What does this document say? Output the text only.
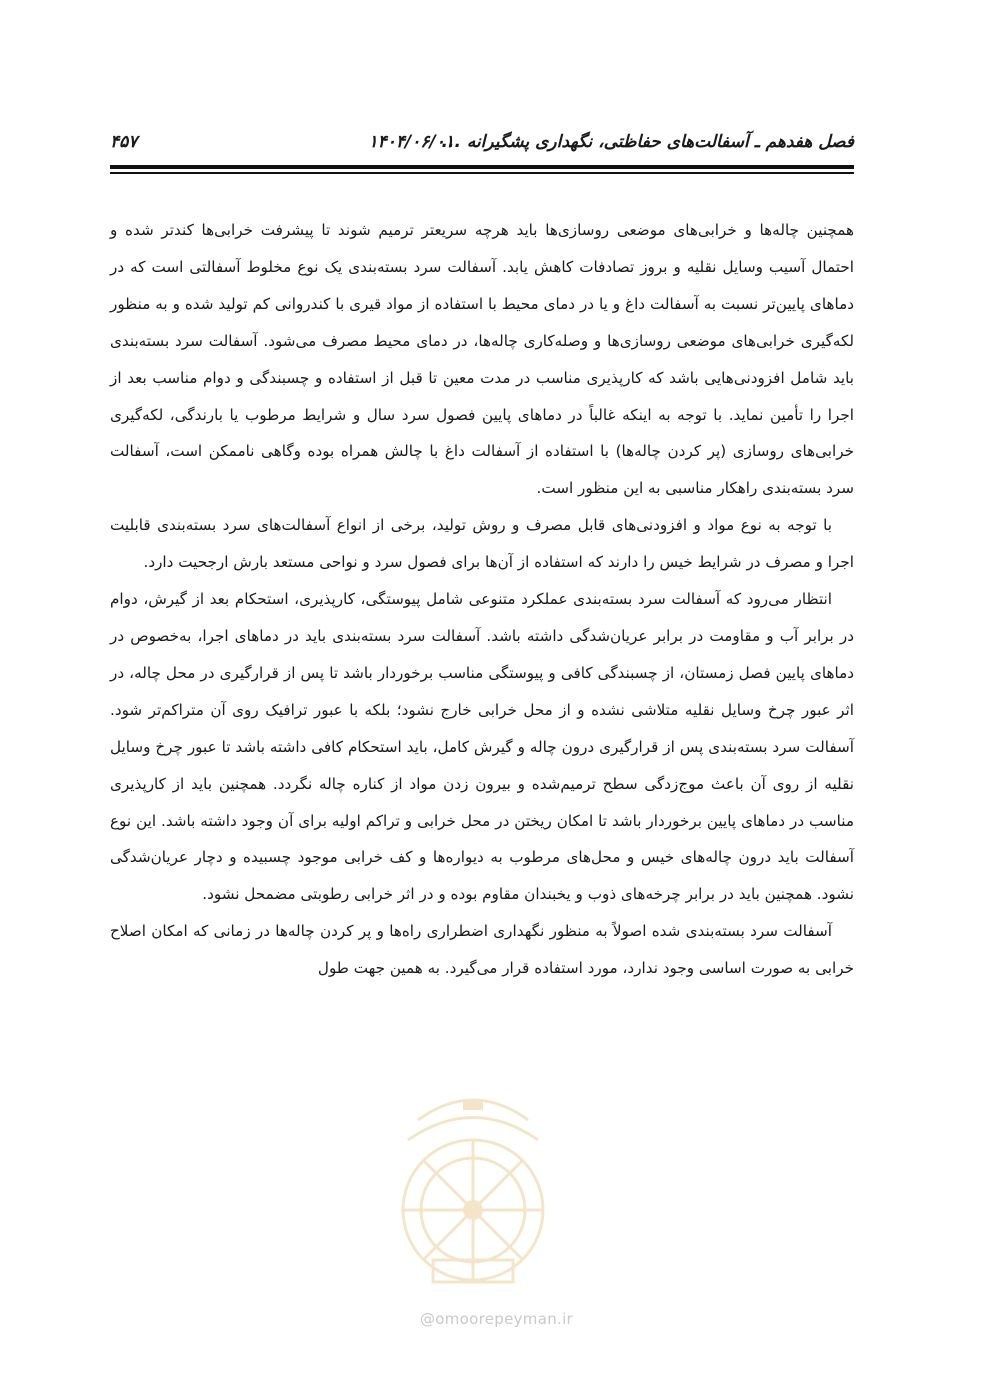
فصل هفدهم ـ آسفالت‌های حفاظتی، نگهداری پشگیرانه ...
۱۴۰۴/۰۶/۰۱
۴۵۷

همچنین چاله‌ها و خرابی‌های موضعی روسازی‌ها باید هرچه سریعتر ترمیم شوند تا پیشرفت خرابی‌ها کندتر شده و احتمال آسیب وسایل نقلیه و بروز تصادفات کاهش یابد. آسفالت سرد بسته‌بندی یک نوع مخلوط آسفالتی است که در دماهای پایین‌تر نسبت به آسفالت داغ و یا در دمای محیط با استفاده از مواد قیری با کندروانی کم تولید شده و به منظور لکه‌گیری خرابی‌های موضعی روسازی‌ها و وصله‌کاری چاله‌ها، در دمای محیط مصرف می‌شود. آسفالت سرد بسته‌بندی باید شامل افزودنی‌هایی باشد که کارپذیری مناسب در مدت معین تا قبل از استفاده و چسبندگی و دوام مناسب بعد از اجرا را تأمین نماید. با توجه به اینکه غالباً در دماهای پایین فصول سرد سال و شرایط مرطوب یا بارندگی، لکه‌گیری خرابی‌های روسازی (پر کردن چاله‌ها) با استفاده از آسفالت داغ با چالش همراه بوده وگاهی ناممکن است، آسفالت سرد بسته‌بندی راهکار مناسبی به این منظور است.

با توجه به نوع مواد و افزودنی‌های قابل مصرف و روش تولید، برخی از انواع آسفالت‌های سرد بسته‌بندی قابلیت اجرا و مصرف در شرایط خیس را دارند که استفاده از آن‌ها برای فصول سرد و نواحی مستعد بارش ارجحیت دارد.

انتظار می‌رود که آسفالت سرد بسته‌بندی عملکرد متنوعی شامل پیوستگی، کارپذیری، استحکام بعد از گیرش، دوام در برابر آب و مقاومت در برابر عریان‌شدگی داشته باشد. آسفالت سرد بسته‌بندی باید در دماهای اجرا، به‌خصوص در دماهای پایین فصل زمستان، از چسبندگی کافی و پیوستگی مناسب برخوردار باشد تا پس از قرارگیری در محل چاله، در اثر عبور چرخ وسایل نقلیه متلاشی نشده و از محل خرابی خارج نشود؛ بلکه با عبور ترافیک روی آن متراکم‌تر شود. آسفالت سرد بسته‌بندی پس از قرارگیری درون چاله و گیرش کامل، باید استحکام کافی داشته باشد تا عبور چرخ وسایل نقلیه از روی آن باعث موج‌زدگی سطح ترمیم‌شده و بیرون زدن مواد از کناره چاله نگردد. همچنین باید از کارپذیری مناسب در دماهای پایین برخوردار باشد تا امکان ریختن در محل خرابی و تراکم اولیه برای آن وجود داشته باشد. این نوع آسفالت باید درون چاله‌های خیس و محل‌های مرطوب به دیواره‌ها و کف خرابی موجود چسبیده و دچار عریان‌شدگی نشود. همچنین باید در برابر چرخه‌های ذوب و یخبندان مقاوم بوده و در اثر خرابی رطوبتی مضمحل نشود.

آسفالت سرد بسته‌بندی شده اصولاً به منظور نگهداری اضطراری راه‌ها و پر کردن چاله‌ها در زمانی که امکان اصلاح خرابی به صورت اساسی وجود ندارد، مورد استفاده قرار می‌گیرد. به همین جهت طول

@omoorepeyman.ir
